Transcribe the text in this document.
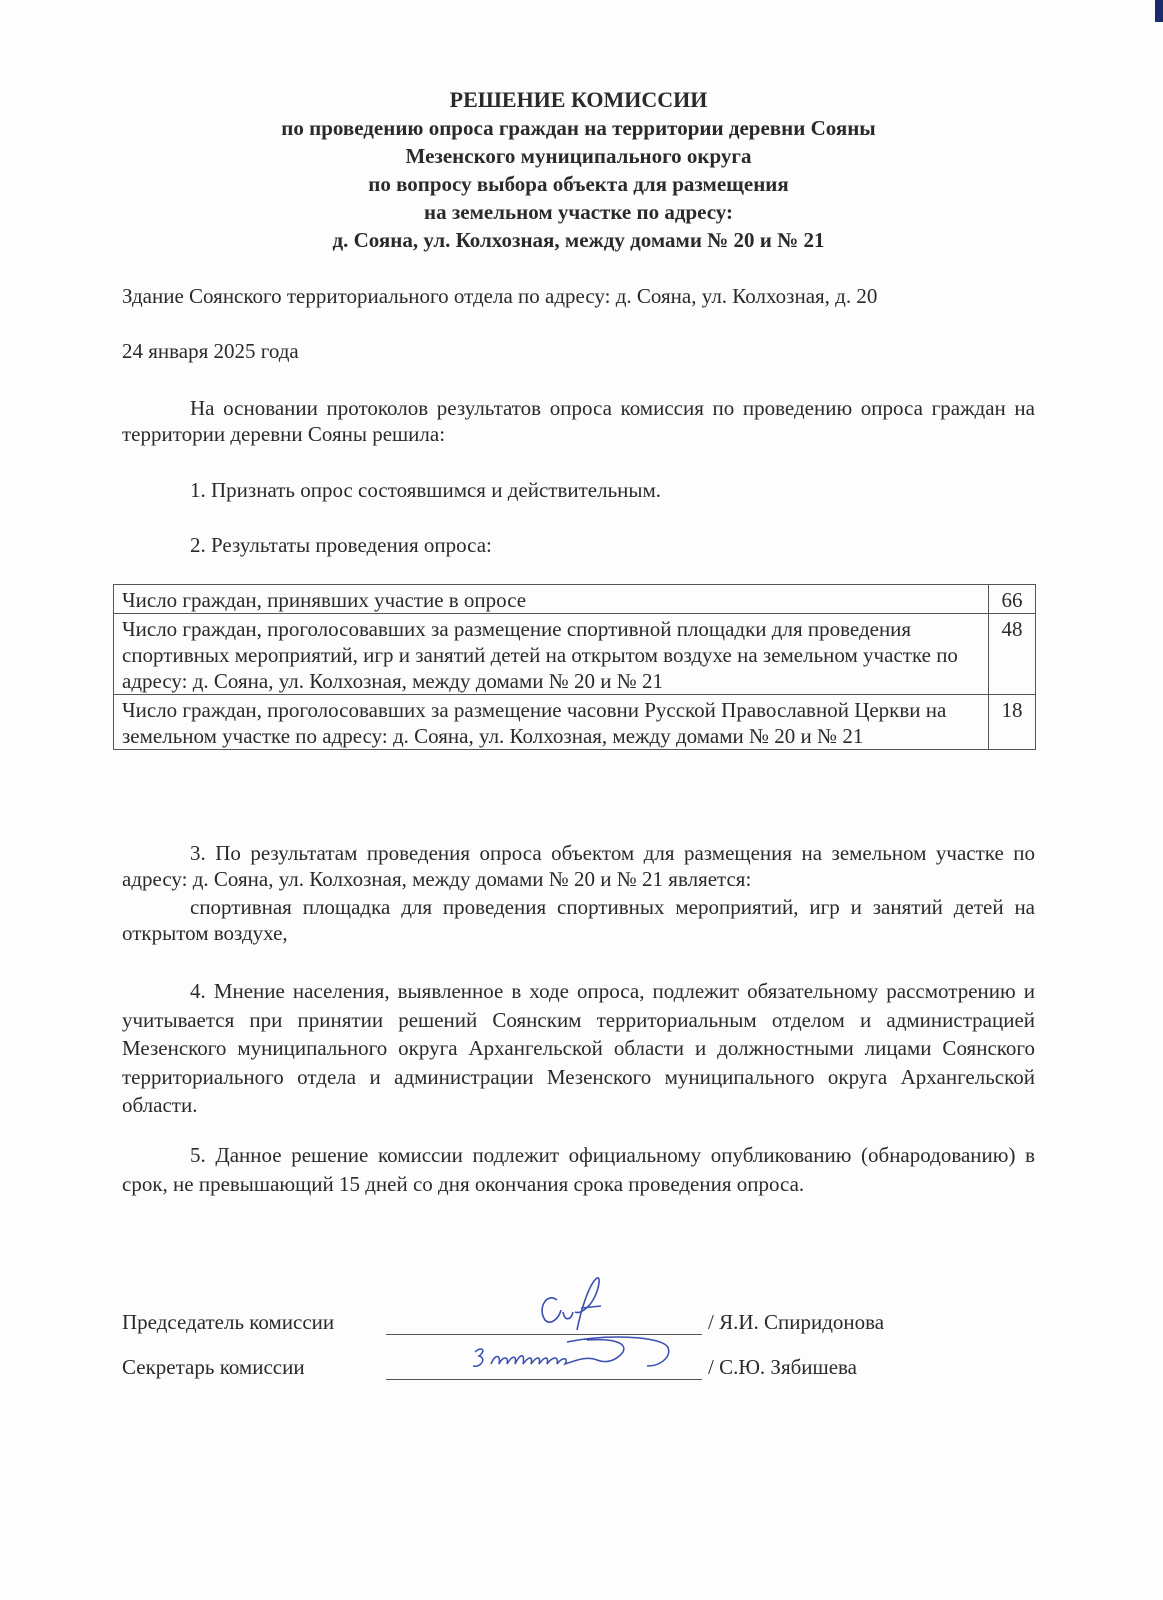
РЕШЕНИЕ КОМИССИИ
по проведению опроса граждан на территории деревни Сояны
Мезенского муниципального округа
по вопросу выбора объекта для размещения
на земельном участке по адресу:
д. Сояна, ул. Колхозная, между домами № 20 и № 21
Здание Соянского территориального отдела по адресу: д. Сояна, ул. Колхозная, д. 20
24 января 2025 года
На основании протоколов результатов опроса комиссия по проведению опроса граждан на территории деревни Сояны решила:
1. Признать опрос состоявшимся и действительным.
2. Результаты проведения опроса:
Число граждан, принявших участие в опросе	66
Число граждан, проголосовавших за размещение спортивной площадки для проведения спортивных мероприятий, игр и занятий детей на открытом воздухе на земельном участке по адресу: д. Сояна, ул. Колхозная, между домами № 20 и № 21	48
Число граждан, проголосовавших за размещение часовни Русской Православной Церкви на земельном участке по адресу: д. Сояна, ул. Колхозная, между домами № 20 и № 21	18
3. По результатам проведения опроса объектом для размещения на земельном участке по адресу: д. Сояна, ул. Колхозная, между домами № 20 и № 21 является:
спортивная площадка для проведения спортивных мероприятий, игр и занятий детей на открытом воздухе,
4. Мнение населения, выявленное в ходе опроса, подлежит обязательному рассмотрению и учитывается при принятии решений Соянским территориальным отделом и администрацией Мезенского муниципального округа Архангельской области и должностными лицами Соянского территориального отдела и администрации Мезенского муниципального округа Архангельской области.
5. Данное решение комиссии подлежит официальному опубликованию (обнародованию) в срок, не превышающий 15 дней со дня окончания срока проведения опроса.
Председатель комиссии	/ Я.И. Спиридонова
Секретарь комиссии	/ С.Ю. Зябишева
